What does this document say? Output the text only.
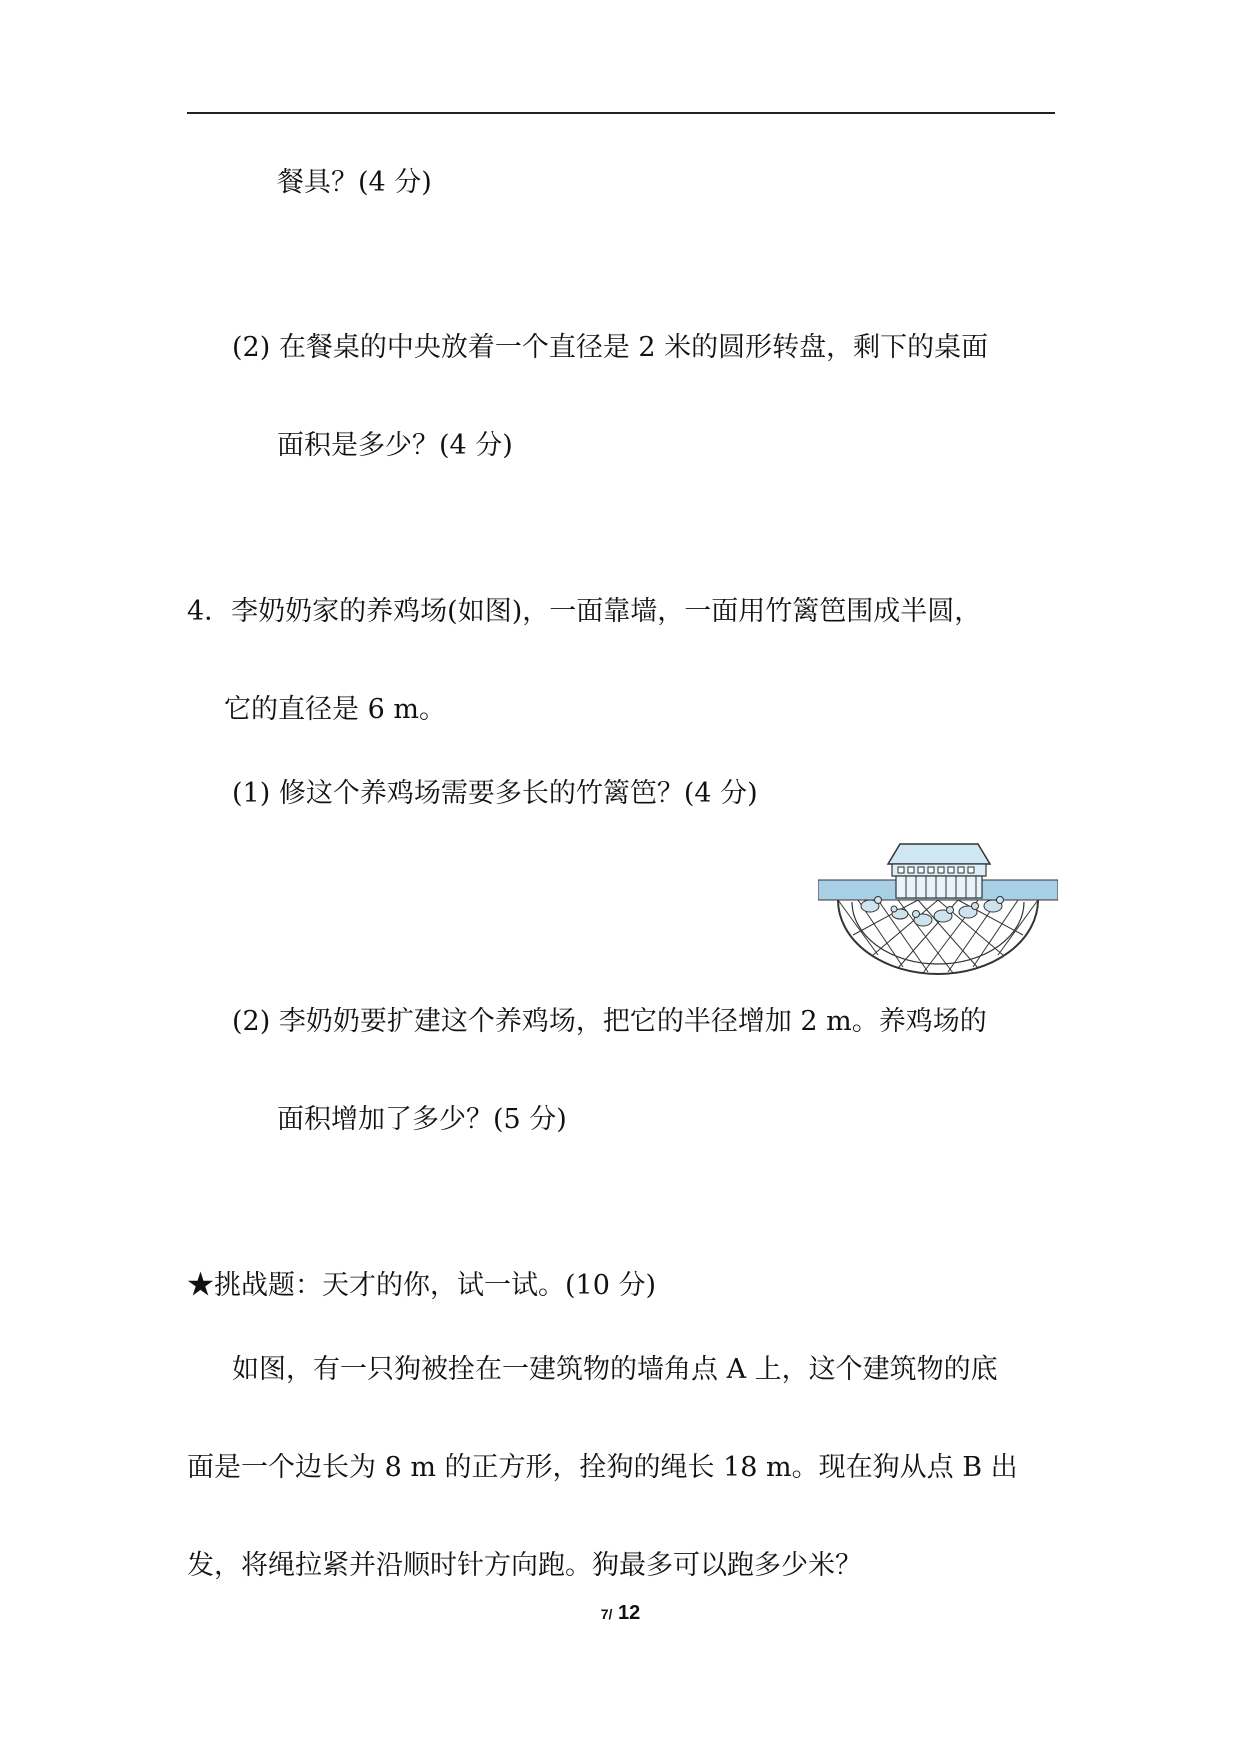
餐具？(4 分)
(2) 在餐桌的中央放着一个直径是 2 米的圆形转盘，剩下的桌面
面积是多少？(4 分)
4．李奶奶家的养鸡场(如图)，一面靠墙，一面用竹篱笆围成半圆，
它的直径是 6 m。
(1) 修这个养鸡场需要多长的竹篱笆？(4 分)
(2) 李奶奶要扩建这个养鸡场，把它的半径增加 2 m。养鸡场的
面积增加了多少？(5 分)
★挑战题：天才的你，试一试。(10 分)
如图，有一只狗被拴在一建筑物的墙角点 A 上，这个建筑物的底
面是一个边长为 8 m 的正方形，拴狗的绳长 18 m。现在狗从点 B 出
发，将绳拉紧并沿顺时针方向跑。狗最多可以跑多少米？
7/ 12
